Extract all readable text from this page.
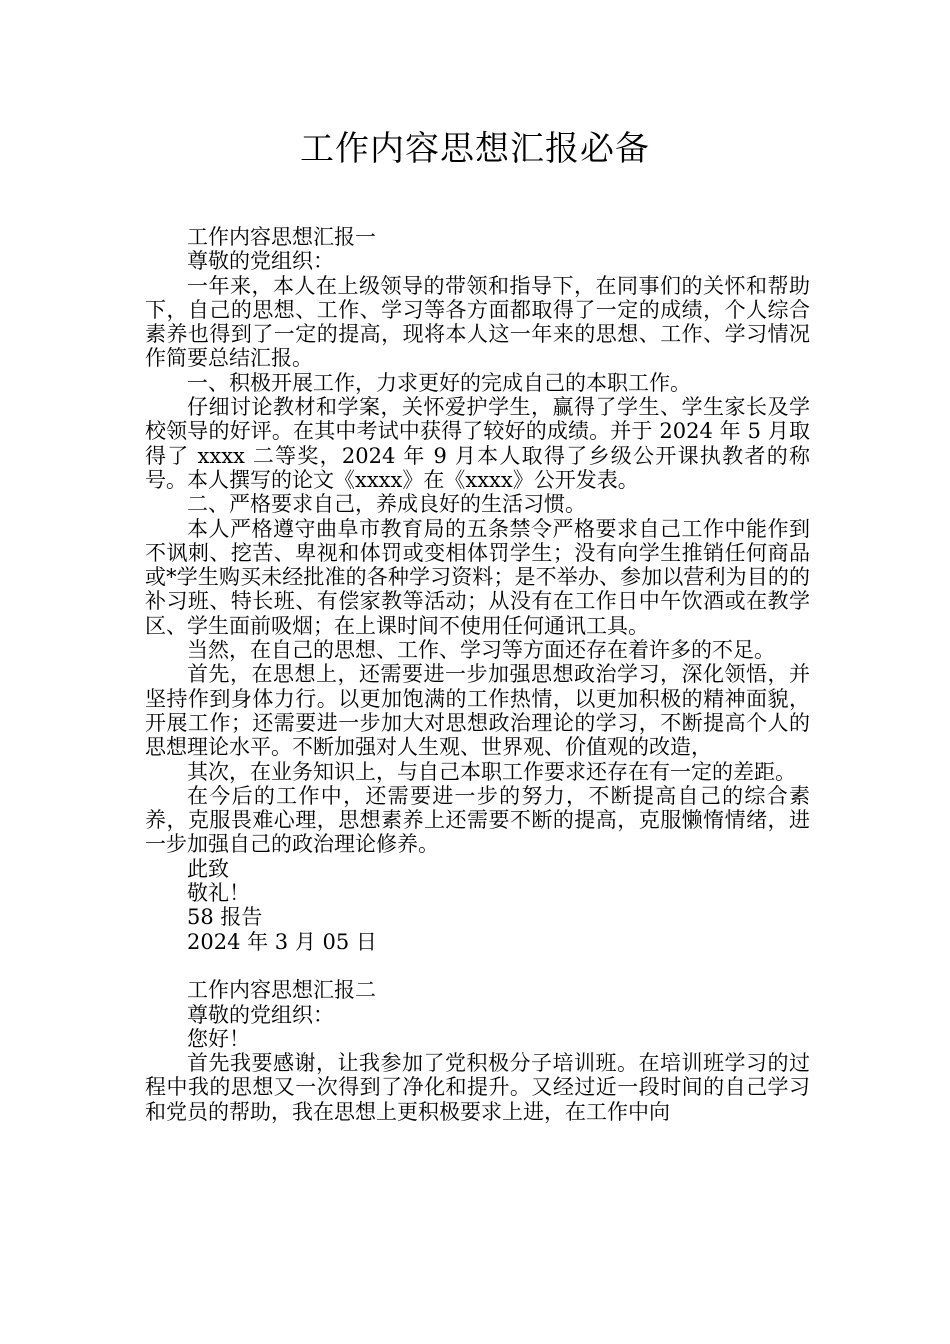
工作内容思想汇报必备

工作内容思想汇报一

尊敬的党组织：

一年来，本人在上级领导的带领和指导下，在同事们的关怀和帮助下，自己的思想、工作、学习等各方面都取得了一定的成绩，个人综合素养也得到了一定的提高，现将本人这一年来的思想、工作、学习情况作简要总结汇报。

一、积极开展工作，力求更好的完成自己的本职工作。

仔细讨论教材和学案，关怀爱护学生，赢得了学生、学生家长及学校领导的好评。在其中考试中获得了较好的成绩。并于 2024 年 5 月取得了 xxxx 二等奖，2024 年 9 月本人取得了乡级公开课执教者的称号。本人撰写的论文《xxxx》在《xxxx》公开发表。

二、严格要求自己，养成良好的生活习惯。

本人严格遵守曲阜市教育局的五条禁令严格要求自己工作中能作到不讽刺、挖苦、卑视和体罚或变相体罚学生；没有向学生推销任何商品或*学生购买未经批准的各种学习资料；是不举办、参加以营利为目的的补习班、特长班、有偿家教等活动；从没有在工作日中午饮酒或在教学区、学生面前吸烟；在上课时间不使用任何通讯工具。

当然，在自己的思想、工作、学习等方面还存在着许多的不足。

首先，在思想上，还需要进一步加强思想政治学习，深化领悟，并坚持作到身体力行。以更加饱满的工作热情，以更加积极的精神面貌，开展工作；还需要进一步加大对思想政治理论的学习，不断提高个人的思想理论水平。不断加强对人生观、世界观、价值观的改造，

其次，在业务知识上，与自己本职工作要求还存在有一定的差距。

在今后的工作中，还需要进一步的努力，不断提高自己的综合素养，克服畏难心理，思想素养上还需要不断的提高，克服懒惰情绪，进一步加强自己的政治理论修养。

此致

敬礼！

58 报告

2024 年 3 月 05 日

工作内容思想汇报二

尊敬的党组织：

您好！

首先我要感谢，让我参加了党积极分子培训班。在培训班学习的过程中我的思想又一次得到了净化和提升。又经过近一段时间的自己学习和党员的帮助，我在思想上更积极要求上进，在工作中向
